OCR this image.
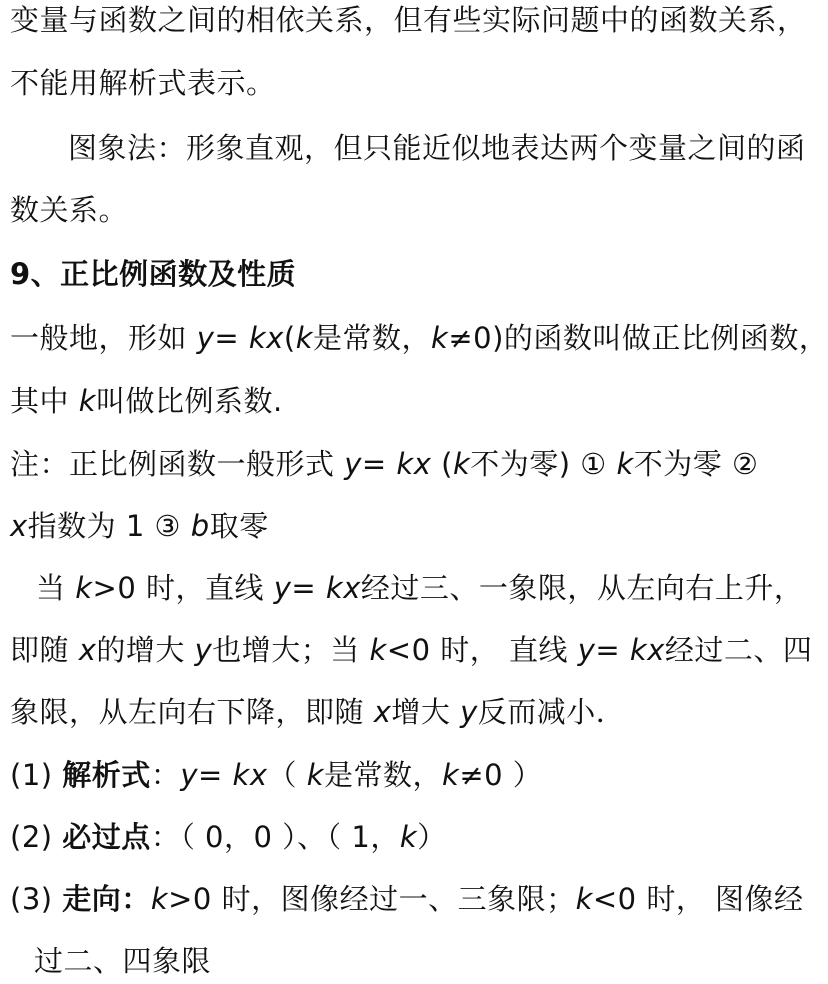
变量与函数之间的相依关系，但有些实际问题中的函数关系，
不能用解析式表示。
图象法：形象直观，但只能近似地表达两个变量之间的函
数关系。
9、正比例函数及性质
一般地，形如 y= kx(k是常数，k≠0)的函数叫做正比例函数，
其中 k叫做比例系数.
注：正比例函数一般形式 y= kx (k不为零) ① k不为零 ②
x指数为 1 ③ b取零
当 k>0 时，直线 y= kx经过三、一象限，从左向右上升，
即随 x的增大 y也增大；当 k<0 时， 直线 y= kx经过二、四
象限，从左向右下降，即随 x增大 y反而减小．
(1) 解析式：y= kx（ k是常数，k≠0 ）
(2) 必过点：（ 0，0 ）、（ 1，k）
(3) 走向：k>0 时，图像经过一、三象限；k<0 时， 图像经
过二、四象限
